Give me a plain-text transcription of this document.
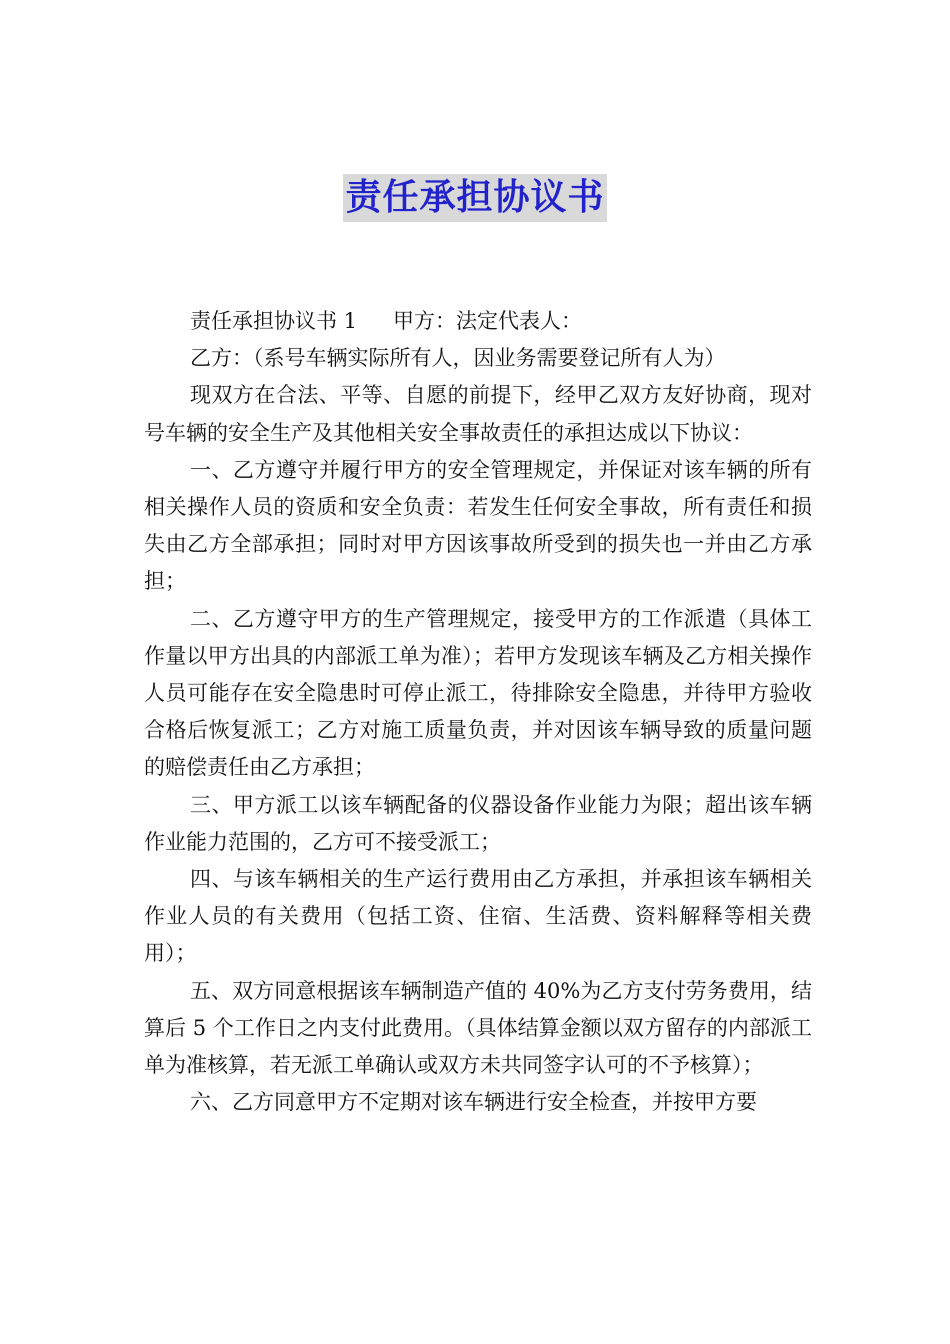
责任承担协议书

责任承担协议书 1 甲方：法定代表人：

乙方：（系号车辆实际所有人，因业务需要登记所有人为）

现双方在合法、平等、自愿的前提下，经甲乙双方友好协商，现对号车辆的安全生产及其他相关安全事故责任的承担达成以下协议：

一、乙方遵守并履行甲方的安全管理规定，并保证对该车辆的所有相关操作人员的资质和安全负责：若发生任何安全事故，所有责任和损失由乙方全部承担；同时对甲方因该事故所受到的损失也一并由乙方承担；

二、乙方遵守甲方的生产管理规定，接受甲方的工作派遣（具体工作量以甲方出具的内部派工单为准）；若甲方发现该车辆及乙方相关操作人员可能存在安全隐患时可停止派工，待排除安全隐患，并待甲方验收合格后恢复派工；乙方对施工质量负责，并对因该车辆导致的质量问题的赔偿责任由乙方承担；

三、甲方派工以该车辆配备的仪器设备作业能力为限；超出该车辆作业能力范围的，乙方可不接受派工；

四、与该车辆相关的生产运行费用由乙方承担，并承担该车辆相关作业人员的有关费用（包括工资、住宿、生活费、资料解释等相关费用）；

五、双方同意根据该车辆制造产值的 40%为乙方支付劳务费用，结算后 5 个工作日之内支付此费用。（具体结算金额以双方留存的内部派工单为准核算，若无派工单确认或双方未共同签字认可的不予核算）；

六、乙方同意甲方不定期对该车辆进行安全检查，并按甲方要
